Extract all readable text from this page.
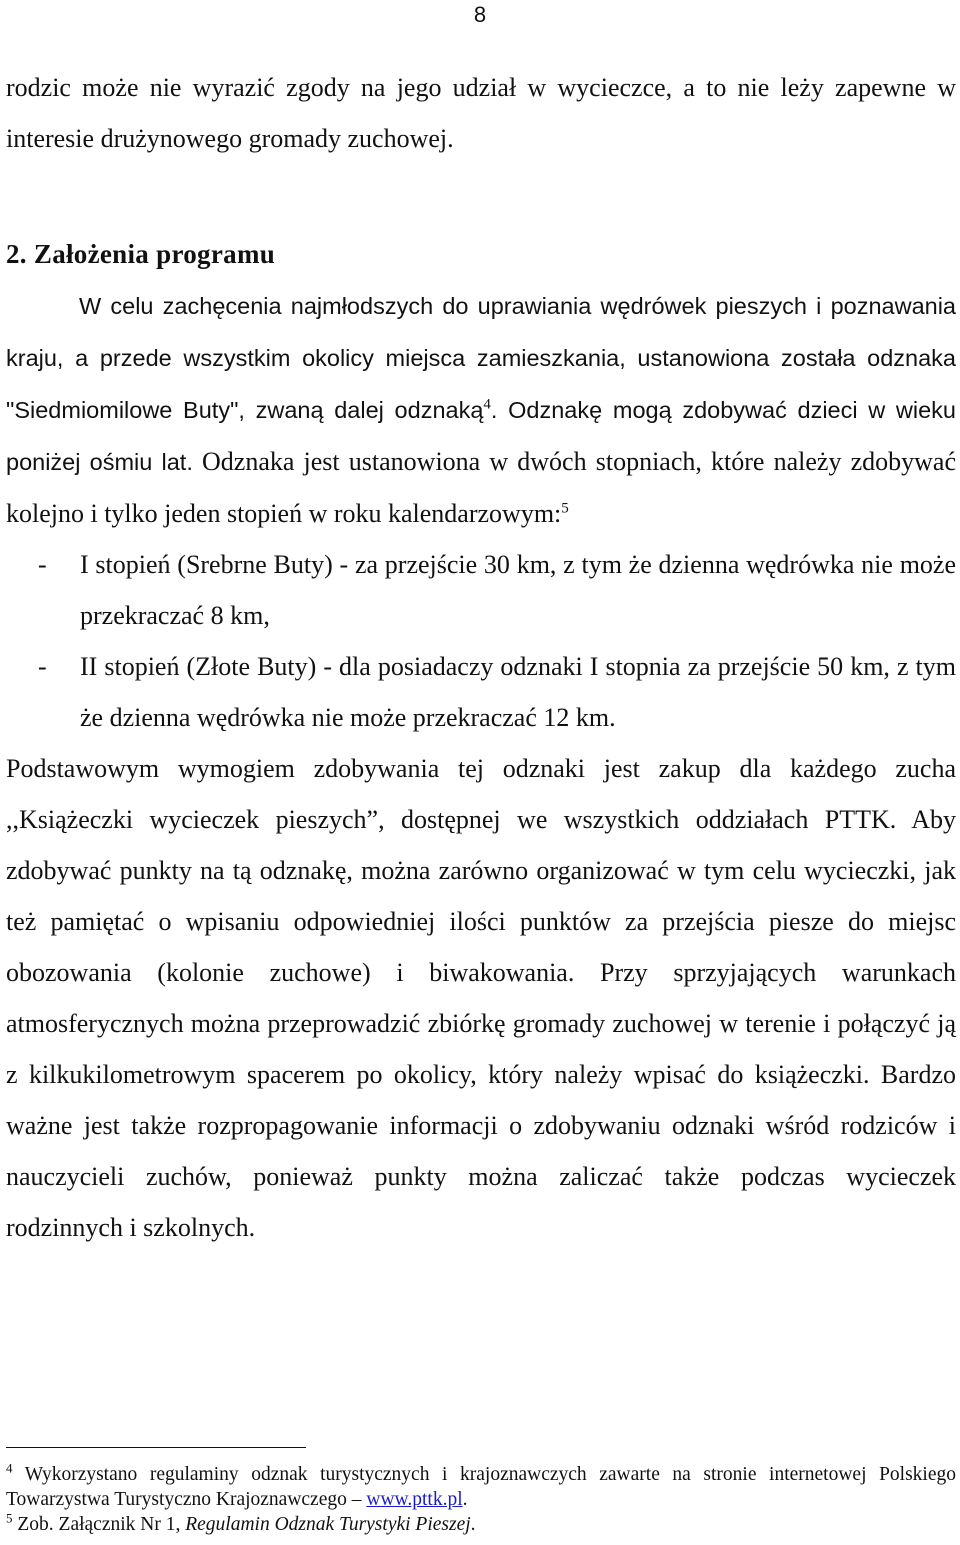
8

rodzic może nie wyrazić zgody na jego udział w wycieczce, a to nie leży zapewne w interesie drużynowego gromady zuchowej.

2. Założenia programu

W celu zachęcenia najmłodszych do uprawiania wędrówek pieszych i poznawania kraju, a przede wszystkim okolicy miejsca zamieszkania, ustanowiona została odznaka "Siedmiomilowe Buty", zwaną dalej odznaką$^4$. Odznakę mogą zdobywać dzieci w wieku poniżej ośmiu lat. Odznaka jest ustanowiona w dwóch stopniach, które należy zdobywać kolejno i tylko jeden stopień w roku kalendarzowym:$^5$

- I stopień (Srebrne Buty) - za przejście 30 km, z tym że dzienna wędrówka nie może przekraczać 8 km,
- II stopień (Złote Buty) - dla posiadaczy odznaki I stopnia za przejście 50 km, z tym że dzienna wędrówka nie może przekraczać 12 km.

Podstawowym wymogiem zdobywania tej odznaki jest zakup dla każdego zucha ,,Książeczki wycieczek pieszych”, dostępnej we wszystkich oddziałach PTTK. Aby zdobywać punkty na tą odznakę, można zarówno organizować w tym celu wycieczki, jak też pamiętać o wpisaniu odpowiedniej ilości punktów za przejścia piesze do miejsc obozowania (kolonie zuchowe) i biwakowania. Przy sprzyjających warunkach atmosferycznych można przeprowadzić zbiórkę gromady zuchowej w terenie i połączyć ją z kilkukilometrowym spacerem po okolicy, który należy wpisać do książeczki. Bardzo ważne jest także rozpropagowanie informacji o zdobywaniu odznaki wśród rodziców i nauczycieli zuchów, ponieważ punkty można zaliczać także podczas wycieczek rodzinnych i szkolnych.

$^4$ Wykorzystano regulaminy odznak turystycznych i krajoznawczych zawarte na stronie internetowej Polskiego Towarzystwa Turystyczno Krajoznawczego – www.pttk.pl.

$^5$ Zob. Załącznik Nr 1, Regulamin Odznak Turystyki Pieszej.
